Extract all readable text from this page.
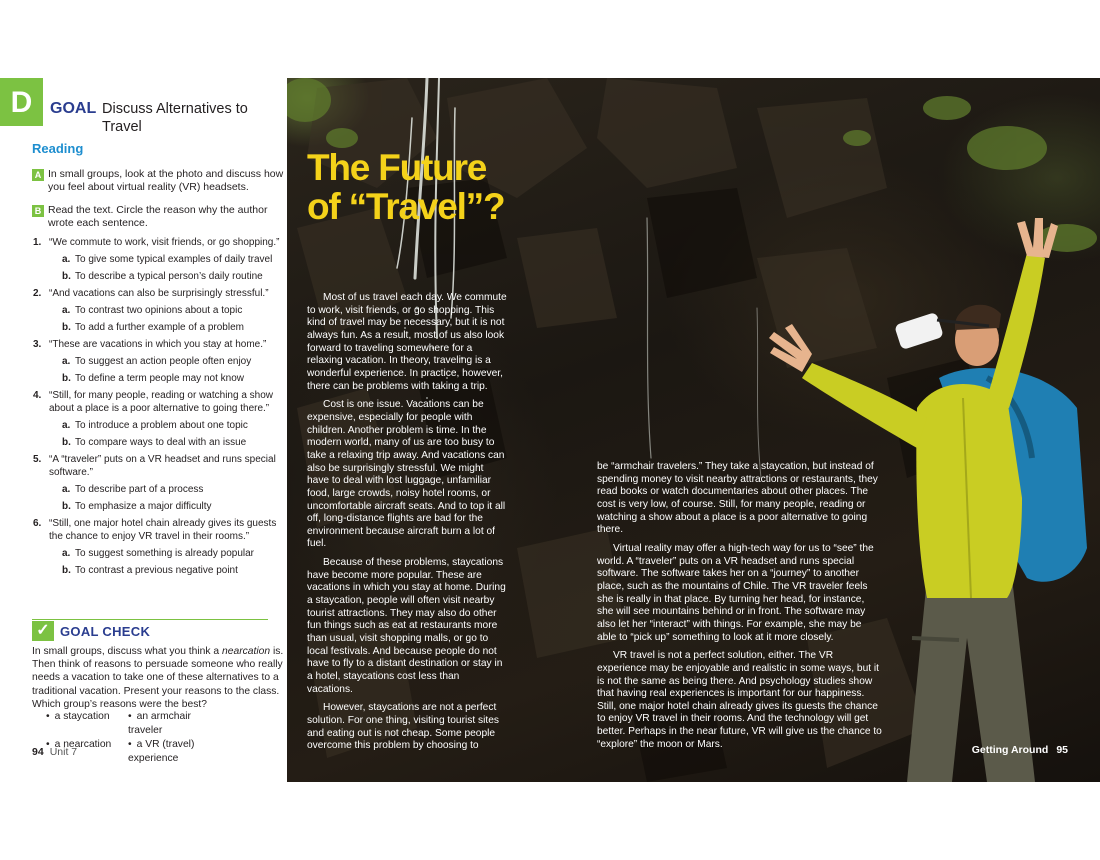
D	GOAL Discuss Alternatives to Travel
Reading
A In small groups, look at the photo and discuss how you feel about virtual reality (VR) headsets.
B Read the text. Circle the reason why the author wrote each sentence.
1. “We commute to work, visit friends, or go shopping.”
a. To give some typical examples of daily travel
b. To describe a typical person’s daily routine
2. “And vacations can also be surprisingly stressful.”
a. To contrast two opinions about a topic
b. To add a further example of a problem
3. “These are vacations in which you stay at home.”
a. To suggest an action people often enjoy
b. To define a term people may not know
4. “Still, for many people, reading or watching a show about a place is a poor alternative to going there.”
a. To introduce a problem about one topic
b. To compare ways to deal with an issue
5. “A “traveler” puts on a VR headset and runs special software.”
a. To describe part of a process
b. To emphasize a major difficulty
6. “Still, one major hotel chain already gives its guests the chance to enjoy VR travel in their rooms.”
a. To suggest something is already popular
b. To contrast a previous negative point
✓ GOAL CHECK
In small groups, discuss what you think a nearcation is. Then think of reasons to persuade someone who really needs a vacation to take one of these alternatives to a traditional vacation. Present your reasons to the class. Which group’s reasons were the best?
• a staycation	• an armchair traveler
• a nearcation	• a VR (travel) experience
94 Unit 7
The Future
of “Travel”?

Most of us travel each day. We commute to work, visit friends, or go shopping. This kind of travel may be necessary, but it is not always fun. As a result, most of us also look forward to traveling somewhere for a relaxing vacation. In theory, traveling is a wonderful experience. In practice, however, there can be problems with taking a trip.

Cost is one issue. Vacations can be expensive, especially for people with children. Another problem is time. In the modern world, many of us are too busy to take a relaxing trip away. And vacations can also be surprisingly stressful. We might have to deal with lost luggage, unfamiliar food, large crowds, noisy hotel rooms, or uncomfortable aircraft seats. And to top it all off, long-distance flights are bad for the environment because aircraft burn a lot of fuel.

Because of these problems, staycations have become more popular. These are vacations in which you stay at home. During a staycation, people will often visit nearby tourist attractions. They may also do other fun things such as eat at restaurants more than usual, visit shopping malls, or go to local festivals. And because people do not have to fly to a distant destination or stay in a hotel, staycations cost less than vacations.

However, staycations are not a perfect solution. For one thing, visiting tourist sites and eating out is not cheap. Some people overcome this problem by choosing to

be “armchair travelers.” They take a staycation, but instead of spending money to visit nearby attractions or restaurants, they read books or watch documentaries about other places. The cost is very low, of course. Still, for many people, reading or watching a show about a place is a poor alternative to going there.

Virtual reality may offer a high-tech way for us to “see” the world. A “traveler” puts on a VR headset and runs special software. The software takes her on a “journey” to another place, such as the mountains of Chile. The VR traveler feels she is really in that place. By turning her head, for instance, she will see mountains behind or in front. The software may also let her “interact” with things. For example, she may be able to “pick up” something to look at it more closely.

VR travel is not a perfect solution, either. The VR experience may be enjoyable and realistic in some ways, but it is not the same as being there. And psychology studies show that having real experiences is important for our happiness. Still, one major hotel chain already gives its guests the chance to enjoy VR travel in their rooms. And the technology will get better. Perhaps in the near future, VR will give us the chance to “explore” the moon or Mars.	Getting Around 95
